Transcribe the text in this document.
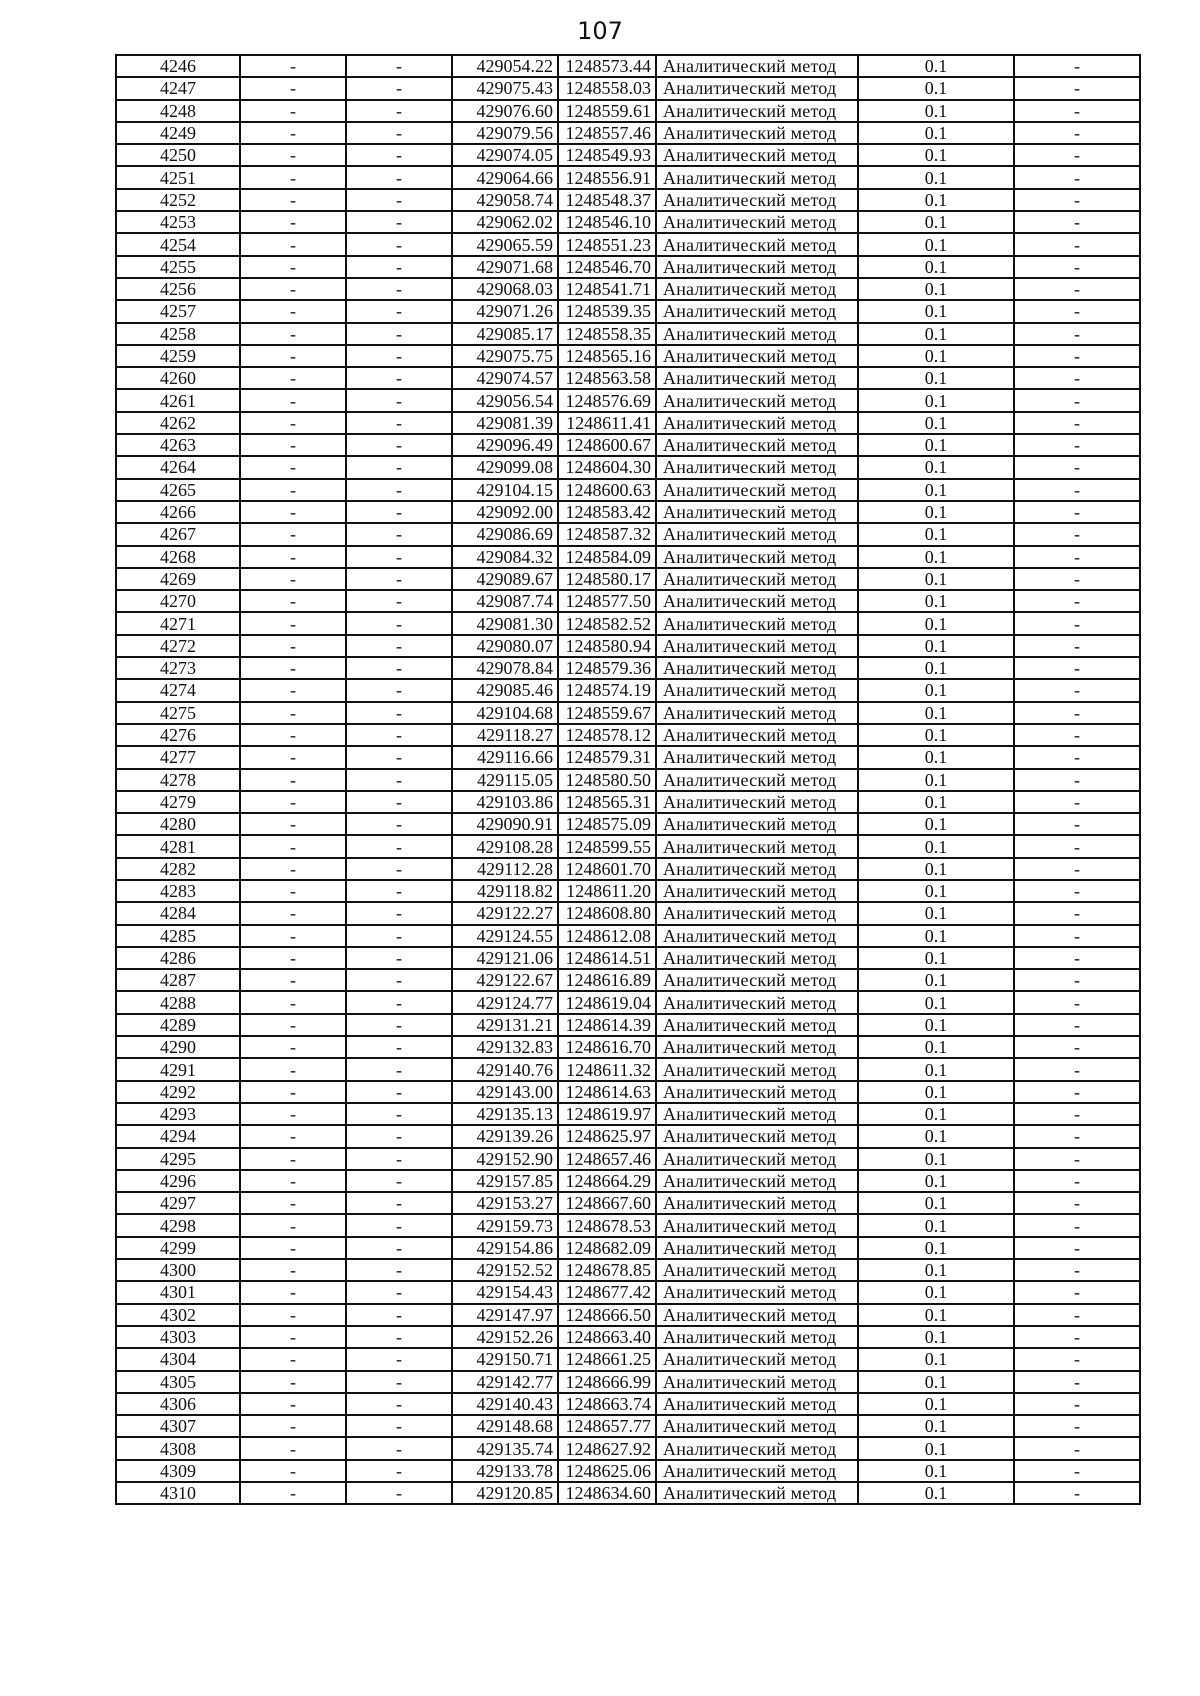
107
4246	-	-	429054.22	1248573.44	Аналитический метод	0.1	-
4247	-	-	429075.43	1248558.03	Аналитический метод	0.1	-
4248	-	-	429076.60	1248559.61	Аналитический метод	0.1	-
4249	-	-	429079.56	1248557.46	Аналитический метод	0.1	-
4250	-	-	429074.05	1248549.93	Аналитический метод	0.1	-
4251	-	-	429064.66	1248556.91	Аналитический метод	0.1	-
4252	-	-	429058.74	1248548.37	Аналитический метод	0.1	-
4253	-	-	429062.02	1248546.10	Аналитический метод	0.1	-
4254	-	-	429065.59	1248551.23	Аналитический метод	0.1	-
4255	-	-	429071.68	1248546.70	Аналитический метод	0.1	-
4256	-	-	429068.03	1248541.71	Аналитический метод	0.1	-
4257	-	-	429071.26	1248539.35	Аналитический метод	0.1	-
4258	-	-	429085.17	1248558.35	Аналитический метод	0.1	-
4259	-	-	429075.75	1248565.16	Аналитический метод	0.1	-
4260	-	-	429074.57	1248563.58	Аналитический метод	0.1	-
4261	-	-	429056.54	1248576.69	Аналитический метод	0.1	-
4262	-	-	429081.39	1248611.41	Аналитический метод	0.1	-
4263	-	-	429096.49	1248600.67	Аналитический метод	0.1	-
4264	-	-	429099.08	1248604.30	Аналитический метод	0.1	-
4265	-	-	429104.15	1248600.63	Аналитический метод	0.1	-
4266	-	-	429092.00	1248583.42	Аналитический метод	0.1	-
4267	-	-	429086.69	1248587.32	Аналитический метод	0.1	-
4268	-	-	429084.32	1248584.09	Аналитический метод	0.1	-
4269	-	-	429089.67	1248580.17	Аналитический метод	0.1	-
4270	-	-	429087.74	1248577.50	Аналитический метод	0.1	-
4271	-	-	429081.30	1248582.52	Аналитический метод	0.1	-
4272	-	-	429080.07	1248580.94	Аналитический метод	0.1	-
4273	-	-	429078.84	1248579.36	Аналитический метод	0.1	-
4274	-	-	429085.46	1248574.19	Аналитический метод	0.1	-
4275	-	-	429104.68	1248559.67	Аналитический метод	0.1	-
4276	-	-	429118.27	1248578.12	Аналитический метод	0.1	-
4277	-	-	429116.66	1248579.31	Аналитический метод	0.1	-
4278	-	-	429115.05	1248580.50	Аналитический метод	0.1	-
4279	-	-	429103.86	1248565.31	Аналитический метод	0.1	-
4280	-	-	429090.91	1248575.09	Аналитический метод	0.1	-
4281	-	-	429108.28	1248599.55	Аналитический метод	0.1	-
4282	-	-	429112.28	1248601.70	Аналитический метод	0.1	-
4283	-	-	429118.82	1248611.20	Аналитический метод	0.1	-
4284	-	-	429122.27	1248608.80	Аналитический метод	0.1	-
4285	-	-	429124.55	1248612.08	Аналитический метод	0.1	-
4286	-	-	429121.06	1248614.51	Аналитический метод	0.1	-
4287	-	-	429122.67	1248616.89	Аналитический метод	0.1	-
4288	-	-	429124.77	1248619.04	Аналитический метод	0.1	-
4289	-	-	429131.21	1248614.39	Аналитический метод	0.1	-
4290	-	-	429132.83	1248616.70	Аналитический метод	0.1	-
4291	-	-	429140.76	1248611.32	Аналитический метод	0.1	-
4292	-	-	429143.00	1248614.63	Аналитический метод	0.1	-
4293	-	-	429135.13	1248619.97	Аналитический метод	0.1	-
4294	-	-	429139.26	1248625.97	Аналитический метод	0.1	-
4295	-	-	429152.90	1248657.46	Аналитический метод	0.1	-
4296	-	-	429157.85	1248664.29	Аналитический метод	0.1	-
4297	-	-	429153.27	1248667.60	Аналитический метод	0.1	-
4298	-	-	429159.73	1248678.53	Аналитический метод	0.1	-
4299	-	-	429154.86	1248682.09	Аналитический метод	0.1	-
4300	-	-	429152.52	1248678.85	Аналитический метод	0.1	-
4301	-	-	429154.43	1248677.42	Аналитический метод	0.1	-
4302	-	-	429147.97	1248666.50	Аналитический метод	0.1	-
4303	-	-	429152.26	1248663.40	Аналитический метод	0.1	-
4304	-	-	429150.71	1248661.25	Аналитический метод	0.1	-
4305	-	-	429142.77	1248666.99	Аналитический метод	0.1	-
4306	-	-	429140.43	1248663.74	Аналитический метод	0.1	-
4307	-	-	429148.68	1248657.77	Аналитический метод	0.1	-
4308	-	-	429135.74	1248627.92	Аналитический метод	0.1	-
4309	-	-	429133.78	1248625.06	Аналитический метод	0.1	-
4310	-	-	429120.85	1248634.60	Аналитический метод	0.1	-
